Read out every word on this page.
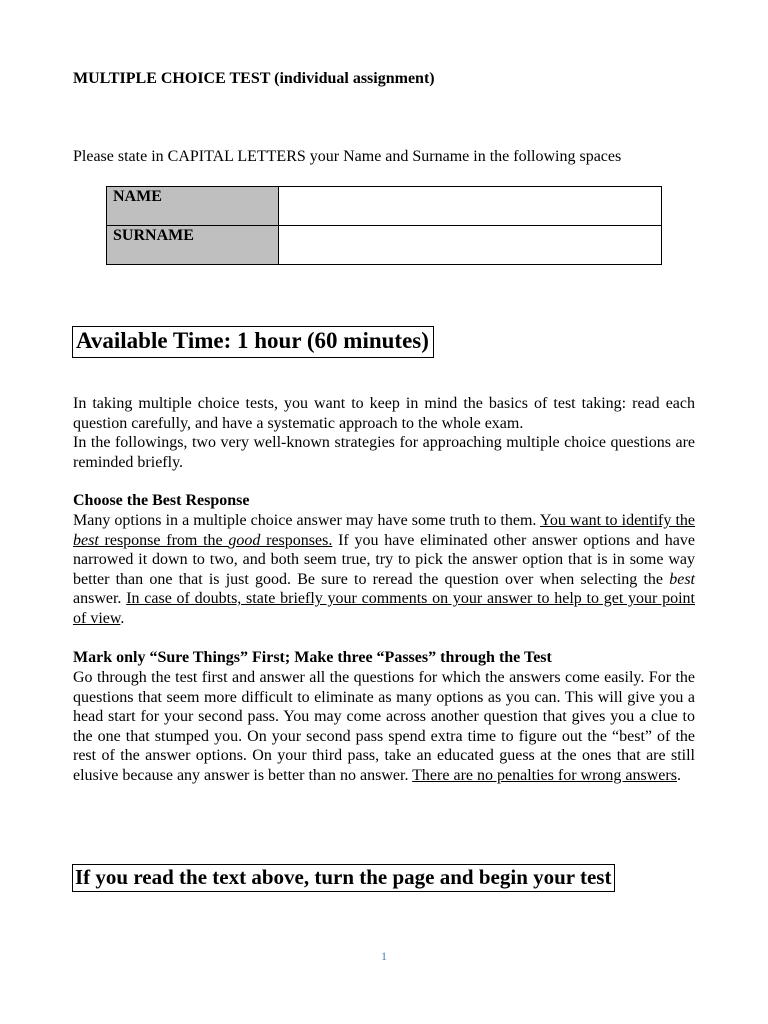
MULTIPLE CHOICE TEST (individual assignment)
Please state in CAPITAL LETTERS your Name and Surname in the following spaces
NAME	
SURNAME	
Available Time: 1 hour (60 minutes)

In taking multiple choice tests, you want to keep in mind the basics of test taking: read each question carefully, and have a systematic approach to the whole exam.

In the followings, two very well-known strategies for approaching multiple choice questions are reminded briefly.

Choose the Best Response
Many options in a multiple choice answer may have some truth to them. You want to identify the best response from the good responses. If you have eliminated other answer options and have narrowed it down to two, and both seem true, try to pick the answer option that is in some way better than one that is just good. Be sure to reread the question over when selecting the best answer. In case of doubts, state briefly your comments on your answer to help to get your point of view.
Mark only “Sure Things” First; Make three “Passes” through the Test
Go through the test first and answer all the questions for which the answers come easily. For the questions that seem more difficult to eliminate as many options as you can. This will give you a head start for your second pass. You may come across another question that gives you a clue to the one that stumped you. On your second pass spend extra time to figure out the “best” of the rest of the answer options. On your third pass, take an educated guess at the ones that are still elusive because any answer is better than no answer. There are no penalties for wrong answers.
If you read the text above, turn the page and begin your test
1
